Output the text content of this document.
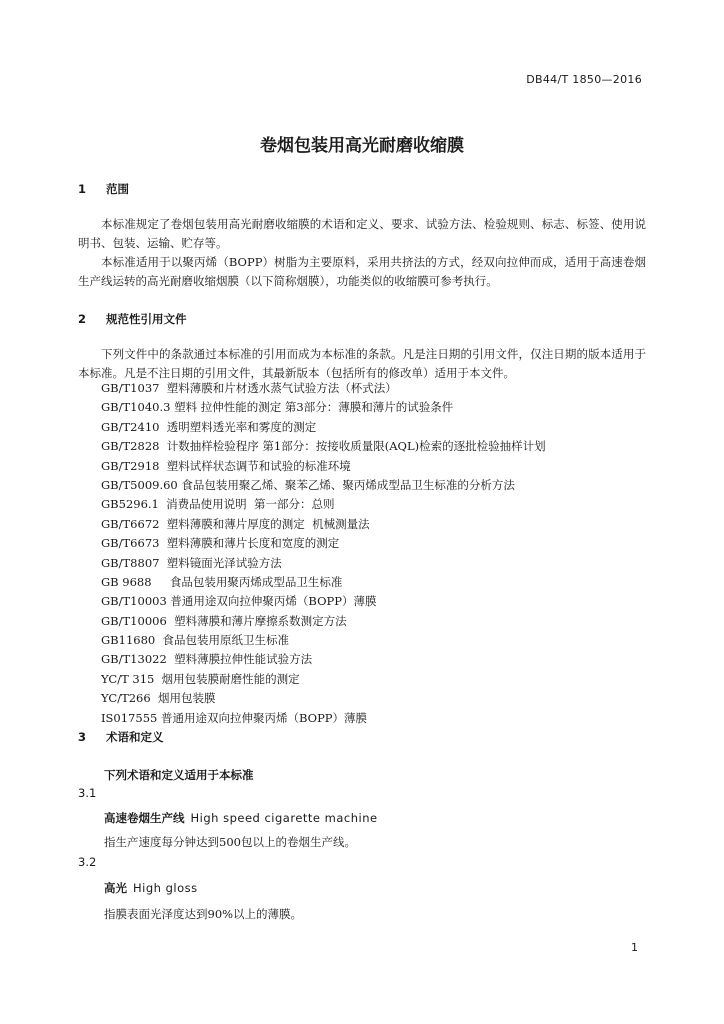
DB44/T 1850—2016
卷烟包装用高光耐磨收缩膜
1 范围
本标准规定了卷烟包装用高光耐磨收缩膜的术语和定义、要求、试验方法、检验规则、标志、标签、使用说明书、包装、运输、贮存等。
本标准适用于以聚丙烯（BOPP）树脂为主要原料，采用共挤法的方式，经双向拉伸而成，适用于高速卷烟生产线运转的高光耐磨收缩烟膜（以下简称烟膜），功能类似的收缩膜可参考执行。
2 规范性引用文件
下列文件中的条款通过本标准的引用而成为本标准的条款。凡是注日期的引用文件，仅注日期的版本适用于本标准。凡是不注日期的引用文件，其最新版本（包括所有的修改单）适用于本文件。
GB/T1037  塑料薄膜和片材透水蒸气试验方法（杯式法）
GB/T1040.3 塑料 拉伸性能的测定 第3部分：薄膜和薄片的试验条件
GB/T2410  透明塑料透光率和雾度的测定
GB/T2828  计数抽样检验程序 第1部分：按接收质量限(AQL)检索的逐批检验抽样计划
GB/T2918  塑料试样状态调节和试验的标准环境
GB/T5009.60 食品包装用聚乙烯、聚苯乙烯、聚丙烯成型品卫生标准的分析方法
GB5296.1  消费品使用说明  第一部分：总则
GB/T6672  塑料薄膜和薄片厚度的测定  机械测量法
GB/T6673  塑料薄膜和薄片长度和宽度的测定
GB/T8807  塑料镜面光泽试验方法
GB 9688     食品包装用聚丙烯成型品卫生标准
GB/T10003 普通用途双向拉伸聚丙烯（BOPP）薄膜
GB/T10006  塑料薄膜和薄片摩擦系数测定方法
GB11680  食品包装用原纸卫生标准
GB/T13022  塑料薄膜拉伸性能试验方法
YC/T 315  烟用包装膜耐磨性能的测定
YC/T266  烟用包装膜
IS017555 普通用途双向拉伸聚丙烯（BOPP）薄膜
3 术语和定义
下列术语和定义适用于本标准
3.1
高速卷烟生产线 High speed cigarette machine
指生产速度每分钟达到500包以上的卷烟生产线。
3.2
高光 High gloss
指膜表面光泽度达到90%以上的薄膜。
1
